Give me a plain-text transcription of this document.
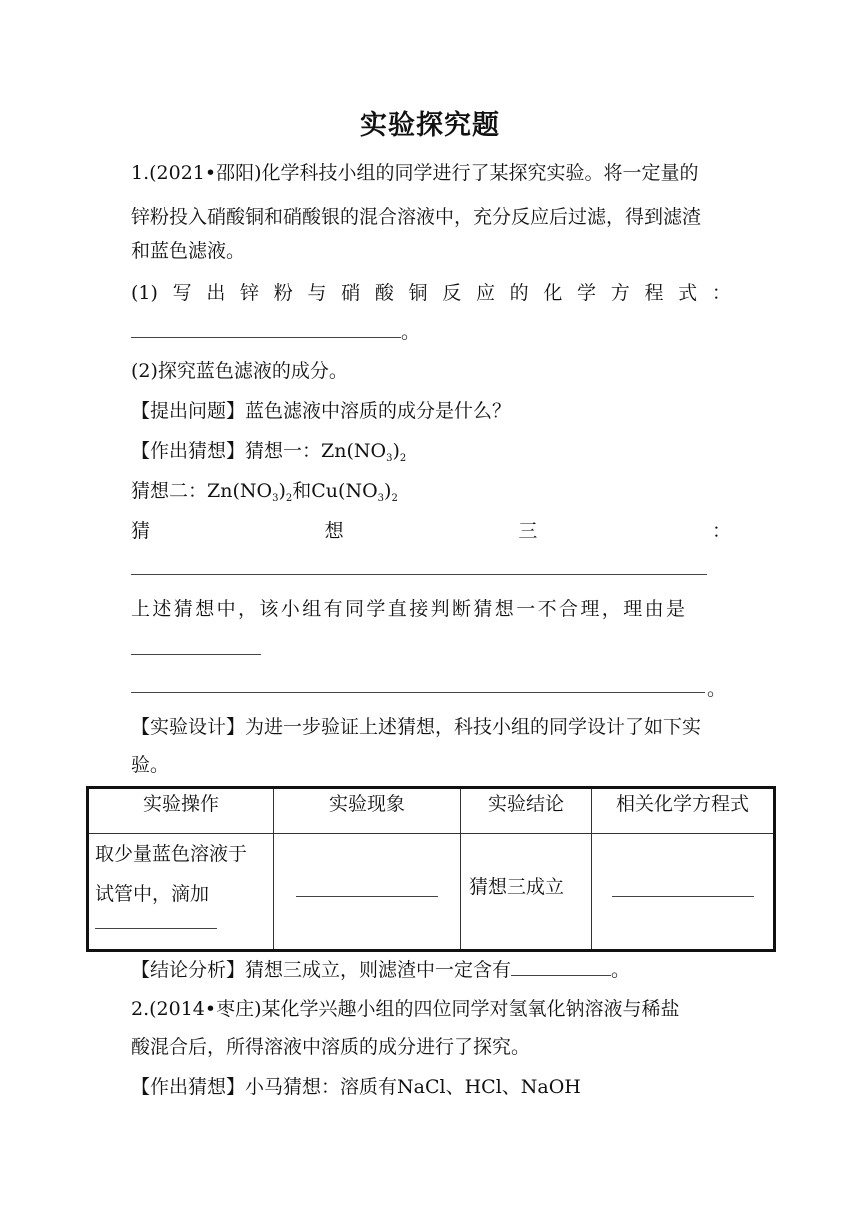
实验探究题
1.(2021•邵阳)化学科技小组的同学进行了某探究实验。将一定量的
锌粉投入硝酸铜和硝酸银的混合溶液中，充分反应后过滤，得到滤渣
和蓝色滤液。
(1) 写 出 锌 粉 与 硝 酸 铜 反 应 的 化 学 方 程 式 ：
。
(2)探究蓝色滤液的成分。
【提出问题】蓝色滤液中溶质的成分是什么？
【作出猜想】猜想一：$Zn(NO_3)_2$
猜想二：$Zn(NO_3)_2$和$Cu(NO_3)_2$
猜	想	三	：
上述猜想中，该小组有同学直接判断猜想一不合理，理由是
。
【实验设计】为进一步验证上述猜想，科技小组的同学设计了如下实
验。
实验操作	实验现象	实验结论	相关化学方程式

取少量蓝色溶液于
试管中，滴加		猜想三成立	

【结论分析】猜想三成立，则滤渣中一定含有	。
2.(2014•枣庄)某化学兴趣小组的四位同学对氢氧化钠溶液与稀盐
酸混合后，所得溶液中溶质的成分进行了探究。
【作出猜想】小马猜想：溶质有NaCl、HCl、NaOH
